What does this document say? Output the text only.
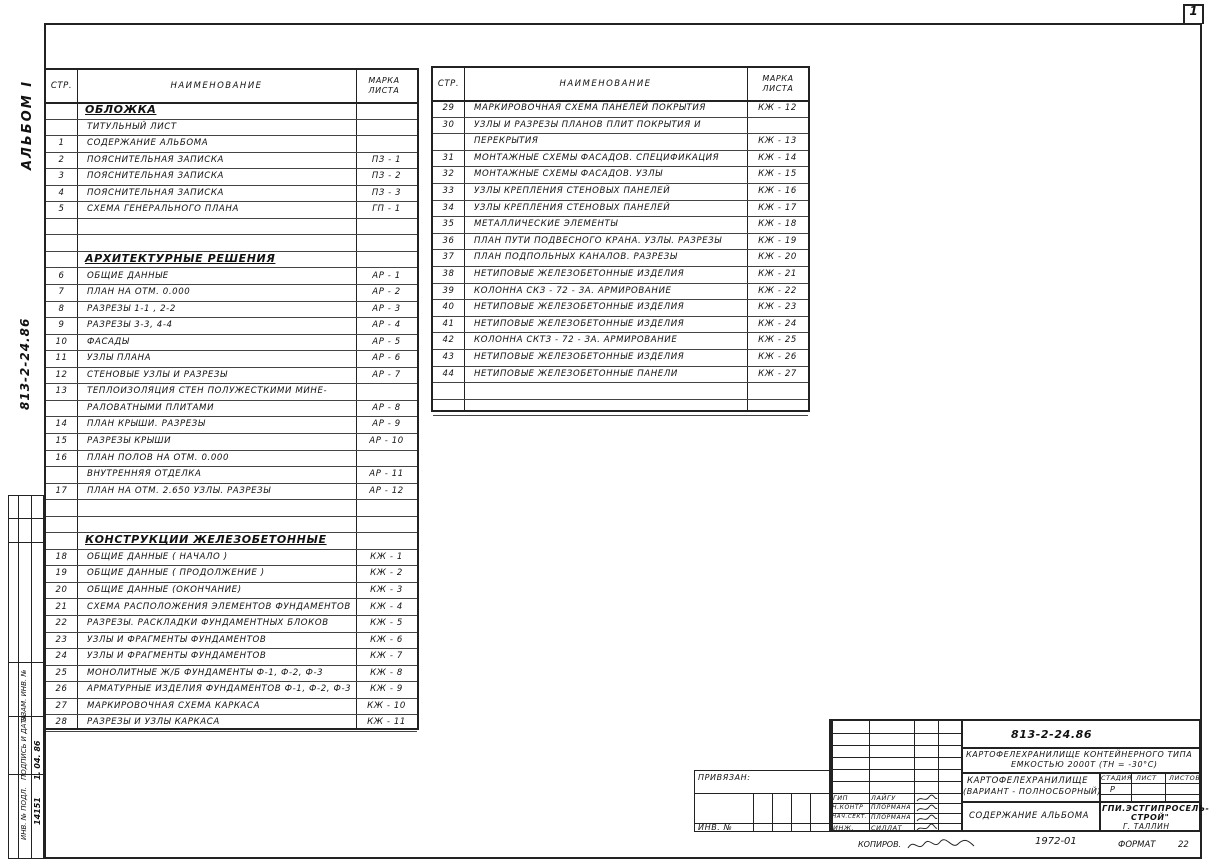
1
ВЗАМ. ИНВ. №
ПОДПИСЬ И ДАТА
ИНВ. № ПОДЛ.
1. 04. 86
14151
АЛЬБОМ I
813-2-24.86
СТР.	НАИМЕНОВАНИЕ
МАРКА ЛИСТА
ОБЛОЖКА
ТИТУЛЬНЫЙ ЛИСТ
1	СОДЕРЖАНИЕ АЛЬБОМА
2	ПОЯСНИТЕЛЬНАЯ ЗАПИСКА	ПЗ - 1
3	ПОЯСНИТЕЛЬНАЯ ЗАПИСКА	ПЗ - 2
4	ПОЯСНИТЕЛЬНАЯ ЗАПИСКА	ПЗ - 3
5	СХЕМА ГЕНЕРАЛЬНОГО ПЛАНА	ГП - 1
АРХИТЕКТУРНЫЕ РЕШЕНИЯ
6	ОБЩИЕ ДАННЫЕ	АР - 1
7	ПЛАН НА ОТМ. 0.000	АР - 2
8	РАЗРЕЗЫ 1-1 , 2-2	АР - 3
9	РАЗРЕЗЫ 3-3, 4-4	АР - 4
10	ФАСАДЫ	АР - 5
11	УЗЛЫ ПЛАНА	АР - 6
12	СТЕНОВЫЕ УЗЛЫ И РАЗРЕЗЫ	АР - 7
13	ТЕПЛОИЗОЛЯЦИЯ СТЕН ПОЛУЖЕСТКИМИ МИНЕ-
РАЛОВАТНЫМИ ПЛИТАМИ	АР - 8
14	ПЛАН КРЫШИ. РАЗРЕЗЫ	АР - 9
15	РАЗРЕЗЫ КРЫШИ	АР - 10
16	ПЛАН ПОЛОВ НА ОТМ. 0.000
ВНУТРЕННЯЯ ОТДЕЛКА	АР - 11
17	ПЛАН НА ОТМ. 2.650 УЗЛЫ. РАЗРЕЗЫ	АР - 12
КОНСТРУКЦИИ ЖЕЛЕЗОБЕТОННЫЕ
18	ОБЩИЕ ДАННЫЕ ( НАЧАЛО )	КЖ - 1
19	ОБЩИЕ ДАННЫЕ ( ПРОДОЛЖЕНИЕ )	КЖ - 2
20	ОБЩИЕ ДАННЫЕ (ОКОНЧАНИЕ)	КЖ - 3
21	СХЕМА РАСПОЛОЖЕНИЯ ЭЛЕМЕНТОВ ФУНДАМЕНТОВ	КЖ - 4
22	РАЗРЕЗЫ. РАСКЛАДКИ ФУНДАМЕНТНЫХ БЛОКОВ	КЖ - 5
23	УЗЛЫ И ФРАГМЕНТЫ ФУНДАМЕНТОВ	КЖ - 6
24	УЗЛЫ И ФРАГМЕНТЫ ФУНДАМЕНТОВ	КЖ - 7
25	МОНОЛИТНЫЕ Ж/Б ФУНДАМЕНТЫ Ф-1, Ф-2, Ф-3	КЖ - 8
26	АРМАТУРНЫЕ ИЗДЕЛИЯ ФУНДАМЕНТОВ Ф-1, Ф-2, Ф-3	КЖ - 9
27	МАРКИРОВОЧНАЯ СХЕМА КАРКАСА	КЖ - 10
28	РАЗРЕЗЫ И УЗЛЫ КАРКАСА	КЖ - 11
СТР.	НАИМЕНОВАНИЕ
МАРКА ЛИСТА
29	МАРКИРОВОЧНАЯ СХЕМА ПАНЕЛЕЙ ПОКРЫТИЯ	КЖ - 12
30	УЗЛЫ И РАЗРЕЗЫ ПЛАНОВ ПЛИТ ПОКРЫТИЯ И
ПЕРЕКРЫТИЯ	КЖ - 13
31	МОНТАЖНЫЕ СХЕМЫ ФАСАДОВ. СПЕЦИФИКАЦИЯ	КЖ - 14
32	МОНТАЖНЫЕ СХЕМЫ ФАСАДОВ. УЗЛЫ	КЖ - 15
33	УЗЛЫ КРЕПЛЕНИЯ СТЕНОВЫХ ПАНЕЛЕЙ	КЖ - 16
34	УЗЛЫ КРЕПЛЕНИЯ СТЕНОВЫХ ПАНЕЛЕЙ	КЖ - 17
35	МЕТАЛЛИЧЕСКИЕ ЭЛЕМЕНТЫ	КЖ - 18
36	ПЛАН ПУТИ ПОДВЕСНОГО КРАНА. УЗЛЫ. РАЗРЕЗЫ	КЖ - 19
37	ПЛАН ПОДПОЛЬНЫХ КАНАЛОВ. РАЗРЕЗЫ	КЖ - 20
38	НЕТИПОВЫЕ ЖЕЛЕЗОБЕТОННЫЕ ИЗДЕЛИЯ	КЖ - 21
39	КОЛОННА СКЗ - 72 - ЗА. АРМИРОВАНИЕ	КЖ - 22
40	НЕТИПОВЫЕ ЖЕЛЕЗОБЕТОННЫЕ ИЗДЕЛИЯ	КЖ - 23
41	НЕТИПОВЫЕ ЖЕЛЕЗОБЕТОННЫЕ ИЗДЕЛИЯ	КЖ - 24
42	КОЛОННА СКТЗ - 72 - ЗА. АРМИРОВАНИЕ	КЖ - 25
43	НЕТИПОВЫЕ ЖЕЛЕЗОБЕТОННЫЕ ИЗДЕЛИЯ	КЖ - 26
44	НЕТИПОВЫЕ ЖЕЛЕЗОБЕТОННЫЕ ПАНЕЛИ	КЖ - 27
813-2-24.86
КАРТОФЕЛЕХРАНИЛИЩЕ КОНТЕЙНЕРНОГО ТИПА
ЕМКОСТЬЮ 2000Т (ТН = -30°С)
КАРТОФЕЛЕХРАНИЛИЩЕ
(ВАРИАНТ - ПОЛНОСБОРНЫЙ)
СТАДИЯ ЛИСТ ЛИСТОВ
Р
СОДЕРЖАНИЕ АЛЬБОМА
ГПИ.ЭСТГИПРОСЕЛЬ-
СТРОЙ"
Г. ТАЛЛИН
ГИП	ЛАЙГУ
Н.КОНТР ПЛОРМАНА
НАЧ.СЕКТ. ПЛОРМАНА
ИНЖ.	СИЛЛАТ
ПРИВЯЗАН:
ИНВ. №
КОПИРОВ.	1972-01	ФОРМАТ	22
